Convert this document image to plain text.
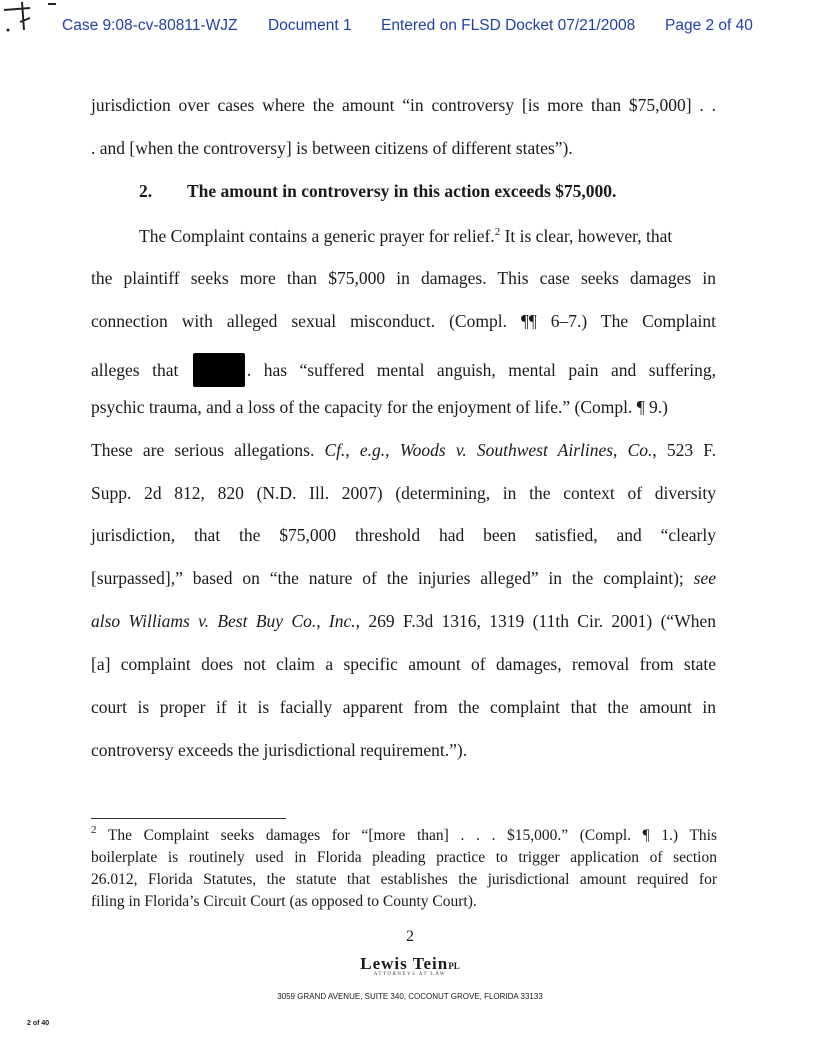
Case 9:08-cv-80811-WJZ Document 1 Entered on FLSD Docket 07/21/2008 Page 2 of 40
jurisdiction over cases where the amount “in controversy [is more than $75,000] . .
. and [when the controversy] is between citizens of different states”).
2.	The amount in controversy in this action exceeds $75,000.
The Complaint contains a generic prayer for relief.$^2$ It is clear, however, that
the plaintiff seeks more than $75,000 in damages. This case seeks damages in
connection with alleged sexual misconduct. (Compl. ¶¶ 6–7.) The Complaint
alleges that	. has “suffered mental anguish, mental pain and suffering,
psychic trauma, and a loss of the capacity for the enjoyment of life.” (Compl. ¶ 9.)
These are serious allegations. Cf., e.g., Woods v. Southwest Airlines, Co., 523 F.
Supp. 2d 812, 820 (N.D. Ill. 2007) (determining, in the context of diversity
jurisdiction, that the $75,000 threshold had been satisfied, and “clearly
[surpassed],” based on “the nature of the injuries alleged” in the complaint); see
also Williams v. Best Buy Co., Inc., 269 F.3d 1316, 1319 (11th Cir. 2001) (“When
[a] complaint does not claim a specific amount of damages, removal from state
court is proper if it is facially apparent from the complaint that the amount in
controversy exceeds the jurisdictional requirement.”).
$^2$ The Complaint seeks damages for “[more than] . . . $15,000.” (Compl. ¶ 1.) This
boilerplate is routinely used in Florida pleading practice to trigger application of section
26.012, Florida Statutes, the statute that establishes the jurisdictional amount required for
filing in Florida’s Circuit Court (as opposed to County Court).
2
Lewis TeinPL
ATTORNEYS AT LAW
3059 GRAND AVENUE, SUITE 340, COCONUT GROVE, FLORIDA 33133
2 of 40
